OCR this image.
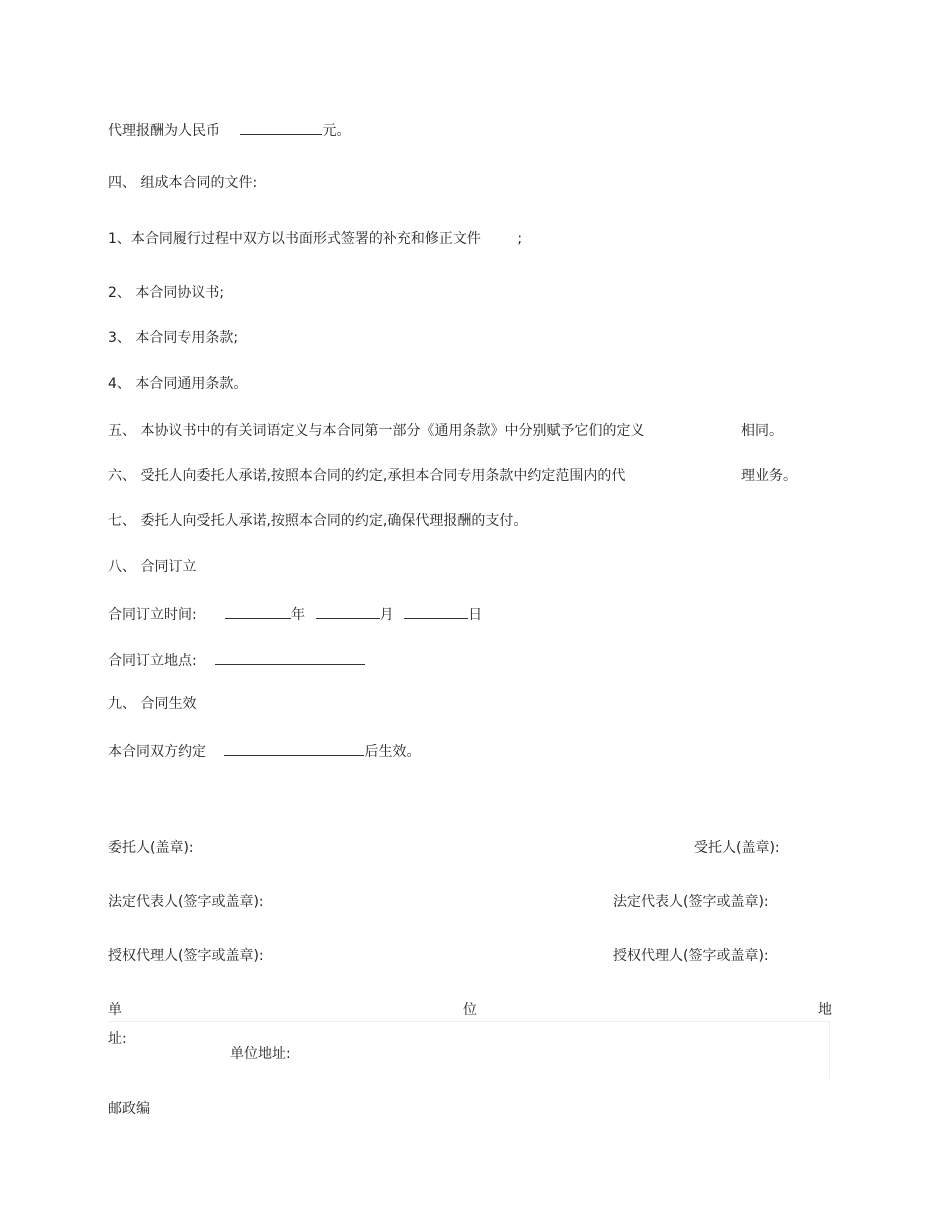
代理报酬为人民币	元。
四、 组成本合同的文件:
1、本合同履行过程中双方以书面形式签署的补充和修正文件	;
2、 本合同协议书;
3、 本合同专用条款;
4、 本合同通用条款。
五、 本协议书中的有关词语定义与本合同第一部分《通用条款》中分别赋予它们的定义	相同。
六、 受托人向委托人承诺,按照本合同的约定,承担本合同专用条款中约定范围内的代	理业务。
七、 委托人向受托人承诺,按照本合同的约定,确保代理报酬的支付。
八、 合同订立
合同订立时间:	年	月	日
合同订立地点:
九、 合同生效
本合同双方约定	后生效。
委托人(盖章):	受托人(盖章):
法定代表人(签字或盖章):	法定代表人(签字或盖章):
授权代理人(签字或盖章):	授权代理人(签字或盖章):
单	位	地
址:
单位地址:
邮政编
